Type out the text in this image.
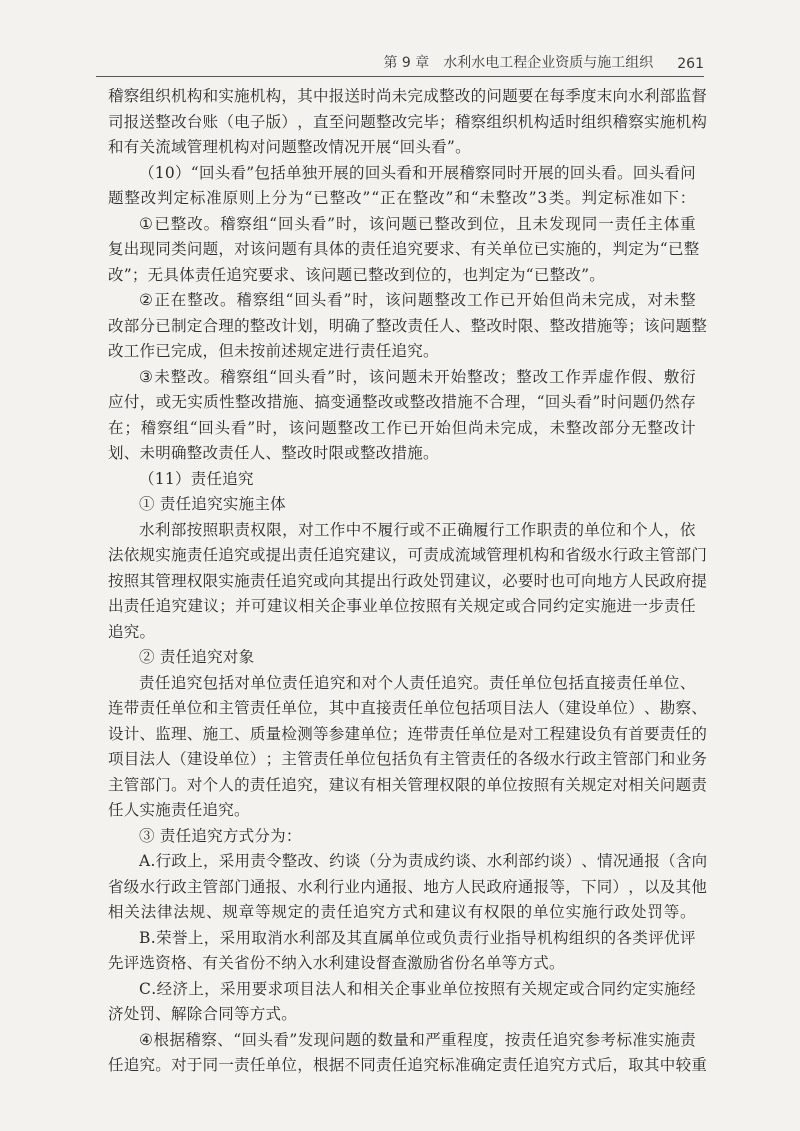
第 9 章 水利水电工程企业资质与施工组织 261
稽 察 组 织 机 构 和 实 施 机 构 ， 其 中 报 送 时 尚 未 完 成 整 改 的 问 题 要 在 每 季 度 末 向 水 利 部 监 督
司 报 送 整 改 台 账 （ 电 子 版 ） ， 直 至 问 题 整 改 完 毕 ； 稽 察 组 织 机 构 适 时 组 织 稽 察 实 施 机 构
和有关流域管理机构对问题整改情况开展“回头看”。
（ 1 0 ） “ 回 头 看 ” 包 括 单 独 开 展 的 回 头 看 和 开 展 稽 察 同 时 开 展 的 回 头 看 。 回 头 看 问
题 整 改 判 定 标 准 原 则 上 分 为 “ 已 整 改 ” “ 正 在 整 改 ” 和 “ 未 整 改 ” 3 类 。 判 定 标 准 如 下 ：
① 已 整 改 。 稽 察 组 “ 回 头 看 ” 时 ， 该 问 题 已 整 改 到 位 ， 且 未 发 现 同 一 责 任 主 体 重
复 出 现 同 类 问 题 ， 对 该 问 题 有 具 体 的 责 任 追 究 要 求 、 有 关 单 位 已 实 施 的 ， 判 定 为 “ 已 整
改”；无具体责任追究要求、该问题已整改到位的，也判定为“已整改”。
② 正 在 整 改 。 稽 察 组 “ 回 头 看 ” 时 ， 该 问 题 整 改 工 作 已 开 始 但 尚 未 完 成 ， 对 未 整
改 部 分 已 制 定 合 理 的 整 改 计 划 ， 明 确 了 整 改 责 任 人 、 整 改 时 限 、 整 改 措 施 等 ； 该 问 题 整
改工作已完成，但未按前述规定进行责任追究。
③ 未 整 改 。 稽 察 组 “ 回 头 看 ” 时 ， 该 问 题 未 开 始 整 改 ； 整 改 工 作 弄 虚 作 假 、 敷 衍
应 付 ， 或 无 实 质 性 整 改 措 施 、 搞 变 通 整 改 或 整 改 措 施 不 合 理 ， “ 回 头 看 ” 时 问 题 仍 然 存
在 ； 稽 察 组 “ 回 头 看 ” 时 ， 该 问 题 整 改 工 作 已 开 始 但 尚 未 完 成 ， 未 整 改 部 分 无 整 改 计
划、未明确整改责任人、整改时限或整改措施。
（11）责任追究
① 责任追究实施主体
水 利 部 按 照 职 责 权 限 ， 对 工 作 中 不 履 行 或 不 正 确 履 行 工 作 职 责 的 单 位 和 个 人 ， 依
法 依 规 实 施 责 任 追 究 或 提 出 责 任 追 究 建 议 ， 可 责 成 流 域 管 理 机 构 和 省 级 水 行 政 主 管 部 门
按 照 其 管 理 权 限 实 施 责 任 追 究 或 向 其 提 出 行 政 处 罚 建 议 ， 必 要 时 也 可 向 地 方 人 民 政 府 提
出 责 任 追 究 建 议 ； 并 可 建 议 相 关 企 事 业 单 位 按 照 有 关 规 定 或 合 同 约 定 实 施 进 一 步 责 任
追究。
② 责任追究对象
责 任 追 究 包 括 对 单 位 责 任 追 究 和 对 个 人 责 任 追 究 。 责 任 单 位 包 括 直 接 责 任 单 位 、
连 带 责 任 单 位 和 主 管 责 任 单 位 ， 其 中 直 接 责 任 单 位 包 括 项 目 法 人 （ 建 设 单 位 ） 、 勘 察 、
设 计 、 监 理 、 施 工 、 质 量 检 测 等 参 建 单 位 ； 连 带 责 任 单 位 是 对 工 程 建 设 负 有 首 要 责 任 的
项 目 法 人 （ 建 设 单 位 ） ； 主 管 责 任 单 位 包 括 负 有 主 管 责 任 的 各 级 水 行 政 主 管 部 门 和 业 务
主 管 部 门 。 对 个 人 的 责 任 追 究 ， 建 议 有 相 关 管 理 权 限 的 单 位 按 照 有 关 规 定 对 相 关 问 题 责
任人实施责任追究。
③ 责任追究方式分为：
A . 行 政 上 ， 采 用 责 令 整 改 、 约 谈 （ 分 为 责 成 约 谈 、 水 利 部 约 谈 ） 、 情 况 通 报 （ 含 向
省 级 水 行 政 主 管 部 门 通 报 、 水 利 行 业 内 通 报 、 地 方 人 民 政 府 通 报 等 ， 下 同 ） ， 以 及 其 他
相 关 法 律 法 规 、 规 章 等 规 定 的 责 任 追 究 方 式 和 建 议 有 权 限 的 单 位 实 施 行 政 处 罚 等 。
B . 荣 誉 上 ， 采 用 取 消 水 利 部 及 其 直 属 单 位 或 负 责 行 业 指 导 机 构 组 织 的 各 类 评 优 评
先评选资格、有关省份不纳入水利建设督查激励省份名单等方式。
C . 经 济 上 ， 采 用 要 求 项 目 法 人 和 相 关 企 事 业 单 位 按 照 有 关 规 定 或 合 同 约 定 实 施 经
济处罚、解除合同等方式。
④ 根 据 稽 察 、 “ 回 头 看 ” 发 现 问 题 的 数 量 和 严 重 程 度 ， 按 责 任 追 究 参 考 标 准 实 施 责
任 追 究 。 对 于 同 一 责 任 单 位 ， 根 据 不 同 责 任 追 究 标 准 确 定 责 任 追 究 方 式 后 ， 取 其 中 较 重
